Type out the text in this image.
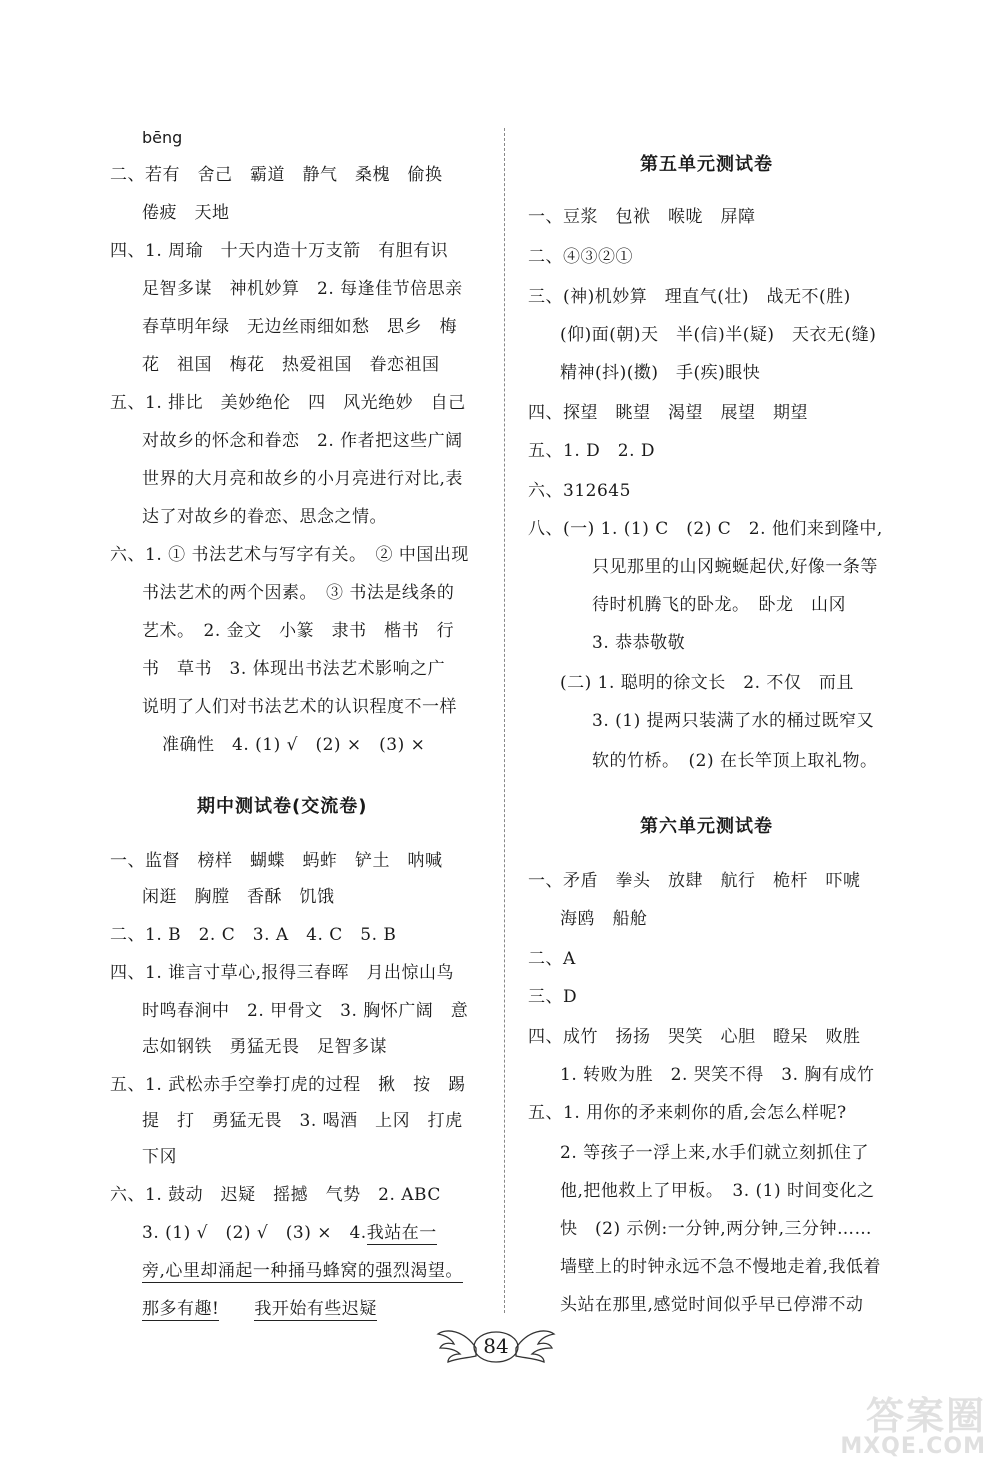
bēng
二、若有　舍己　霸道　静气　桑槐　偷换
倦疲　天地
四、1. 周瑜　十天内造十万支箭　有胆有识
足智多谋　神机妙算　2. 每逢佳节倍思亲
春草明年绿　无边丝雨细如愁　思乡　梅
花　祖国　梅花　热爱祖国　眷恋祖国
五、1. 排比　美妙绝伦　四　风光绝妙　自己
对故乡的怀念和眷恋　2. 作者把这些广阔
世界的大月亮和故乡的小月亮进行对比,表
达了对故乡的眷恋、思念之情。
六、1. ① 书法艺术与写字有关。　② 中国出现
书法艺术的两个因素。　③ 书法是线条的
艺术。　2. 金文　小篆　隶书　楷书　行
书　草书　3. 体现出书法艺术影响之广
说明了人们对书法艺术的认识程度不一样
准确性　4. (1) √　(2) ×　(3) ×
期中测试卷(交流卷)
一、监督　榜样　蝴蝶　蚂蚱　铲土　呐喊
闲逛　胸膛　香酥　饥饿
二、1. B　2. C　3. A　4. C　5. B
四、1. 谁言寸草心,报得三春晖　月出惊山鸟
时鸣春涧中　2. 甲骨文　3. 胸怀广阔　意
志如钢铁　勇猛无畏　足智多谋
五、1. 武松赤手空拳打虎的过程　揪　按　踢
提　打　勇猛无畏　3. 喝酒　上冈　打虎
下冈
六、1. 鼓动　迟疑　摇撼　气势　2. ABC
3. (1) √　(2) √　(3) ×　4.我站在一
旁,心里却涌起一种捅马蜂窝的强烈渴望。
那多有趣!　　 我开始有些迟疑
第五单元测试卷
一、豆浆　包袱　喉咙　屏障
二、④③②①
三、(神)机妙算　理直气(壮)　战无不(胜)
(仰)面(朝)天　半(信)半(疑)　天衣无(缝)
精神(抖)(擞)　手(疾)眼快
四、探望　眺望　渴望　展望　期望
五、1. D　2. D
六、312645
八、(一) 1. (1) C　(2) C　2. 他们来到隆中,
只见那里的山冈蜿蜒起伏,好像一条等
待时机腾飞的卧龙。　卧龙　山冈
3. 恭恭敬敬
(二) 1. 聪明的徐文长　2. 不仅　而且
3. (1) 提两只装满了水的桶过既窄又
软的竹桥。　(2) 在长竿顶上取礼物。
第六单元测试卷
一、矛盾　拳头　放肆　航行　桅杆　吓唬
海鸥　船舱
二、A
三、D
四、成竹　扬扬　哭笑　心胆　瞪呆　败胜
1. 转败为胜　2. 哭笑不得　3. 胸有成竹
五、1. 用你的矛来刺你的盾,会怎么样呢?
2. 等孩子一浮上来,水手们就立刻抓住了
他,把他救上了甲板。　3. (1) 时间变化之
快　(2) 示例:一分钟,两分钟,三分钟……
墙壁上的时钟永远不急不慢地走着,我低着
头站在那里,感觉时间似乎早已停滞不动
84
答案圈
MXQE.COM
